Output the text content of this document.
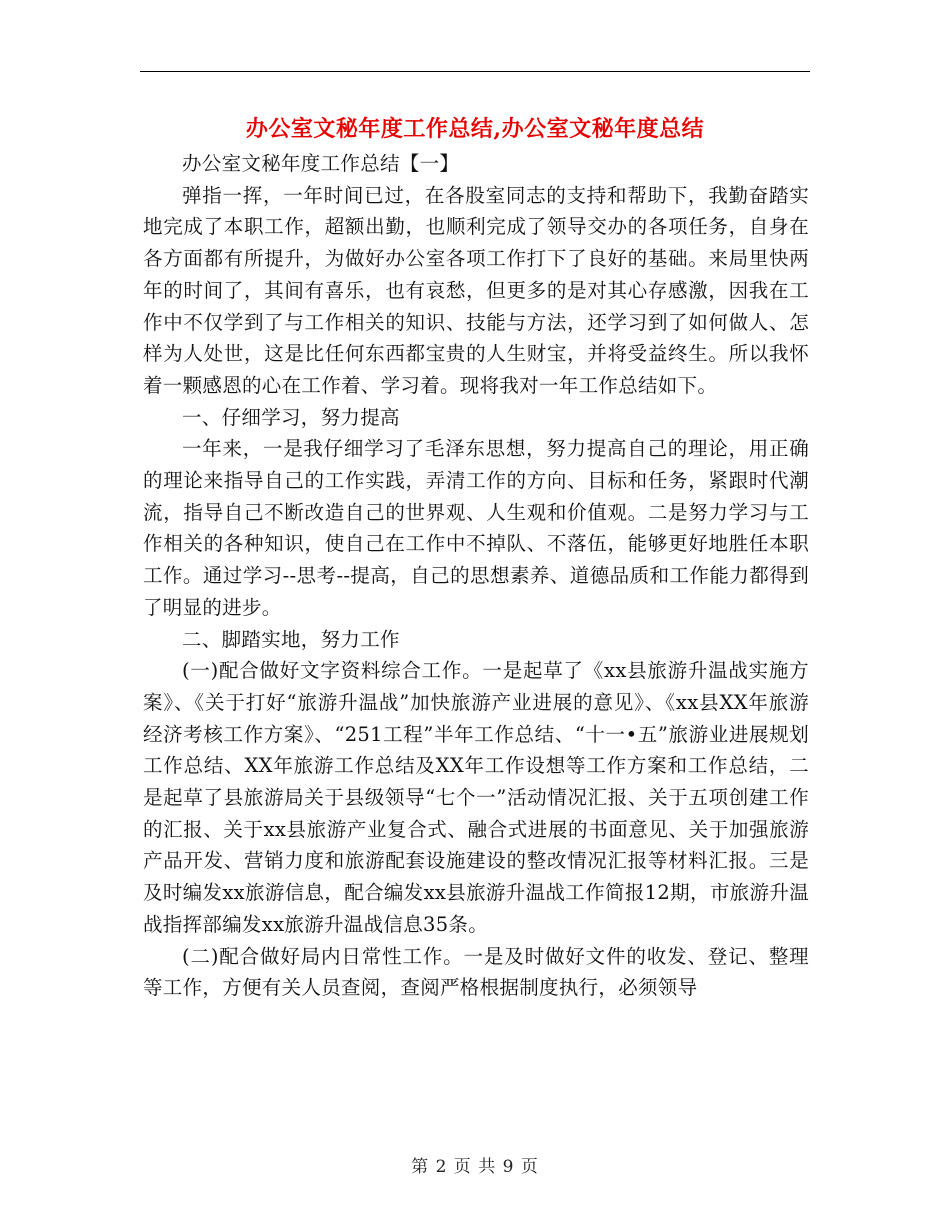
办公室文秘年度工作总结,办公室文秘年度总结

办公室文秘年度工作总结【一】

弹指一挥，一年时间已过，在各股室同志的支持和帮助下，我勤奋踏实地完成了本职工作，超额出勤，也顺利完成了领导交办的各项任务，自身在各方面都有所提升，为做好办公室各项工作打下了良好的基础。来局里快两年的时间了，其间有喜乐，也有哀愁，但更多的是对其心存感激，因我在工作中不仅学到了与工作相关的知识、技能与方法，还学习到了如何做人、怎样为人处世，这是比任何东西都宝贵的人生财宝，并将受益终生。所以我怀着一颗感恩的心在工作着、学习着。现将我对一年工作总结如下。

一、仔细学习，努力提高

一年来，一是我仔细学习了毛泽东思想，努力提高自己的理论，用正确的理论来指导自己的工作实践，弄清工作的方向、目标和任务，紧跟时代潮流，指导自己不断改造自己的世界观、人生观和价值观。二是努力学习与工作相关的各种知识，使自己在工作中不掉队、不落伍，能够更好地胜任本职工作。通过学习--思考--提高，自己的思想素养、道德品质和工作能力都得到了明显的进步。

二、脚踏实地，努力工作

(一)配合做好文字资料综合工作。一是起草了《xx县旅游升温战实施方案》、《关于打好“旅游升温战”加快旅游产业进展的意见》、《xx县XX年旅游经济考核工作方案》、“251工程”半年工作总结、“十一•五”旅游业进展规划工作总结、XX年旅游工作总结及XX年工作设想等工作方案和工作总结，二是起草了县旅游局关于县级领导“七个一”活动情况汇报、关于五项创建工作的汇报、关于xx县旅游产业复合式、融合式进展的书面意见、关于加强旅游产品开发、营销力度和旅游配套设施建设的整改情况汇报等材料汇报。三是及时编发xx旅游信息，配合编发xx县旅游升温战工作简报12期，市旅游升温战指挥部编发xx旅游升温战信息35条。

(二)配合做好局内日常性工作。一是及时做好文件的收发、登记、整理等工作，方便有关人员查阅，查阅严格根据制度执行，必须领导

第 2 页 共 9 页
